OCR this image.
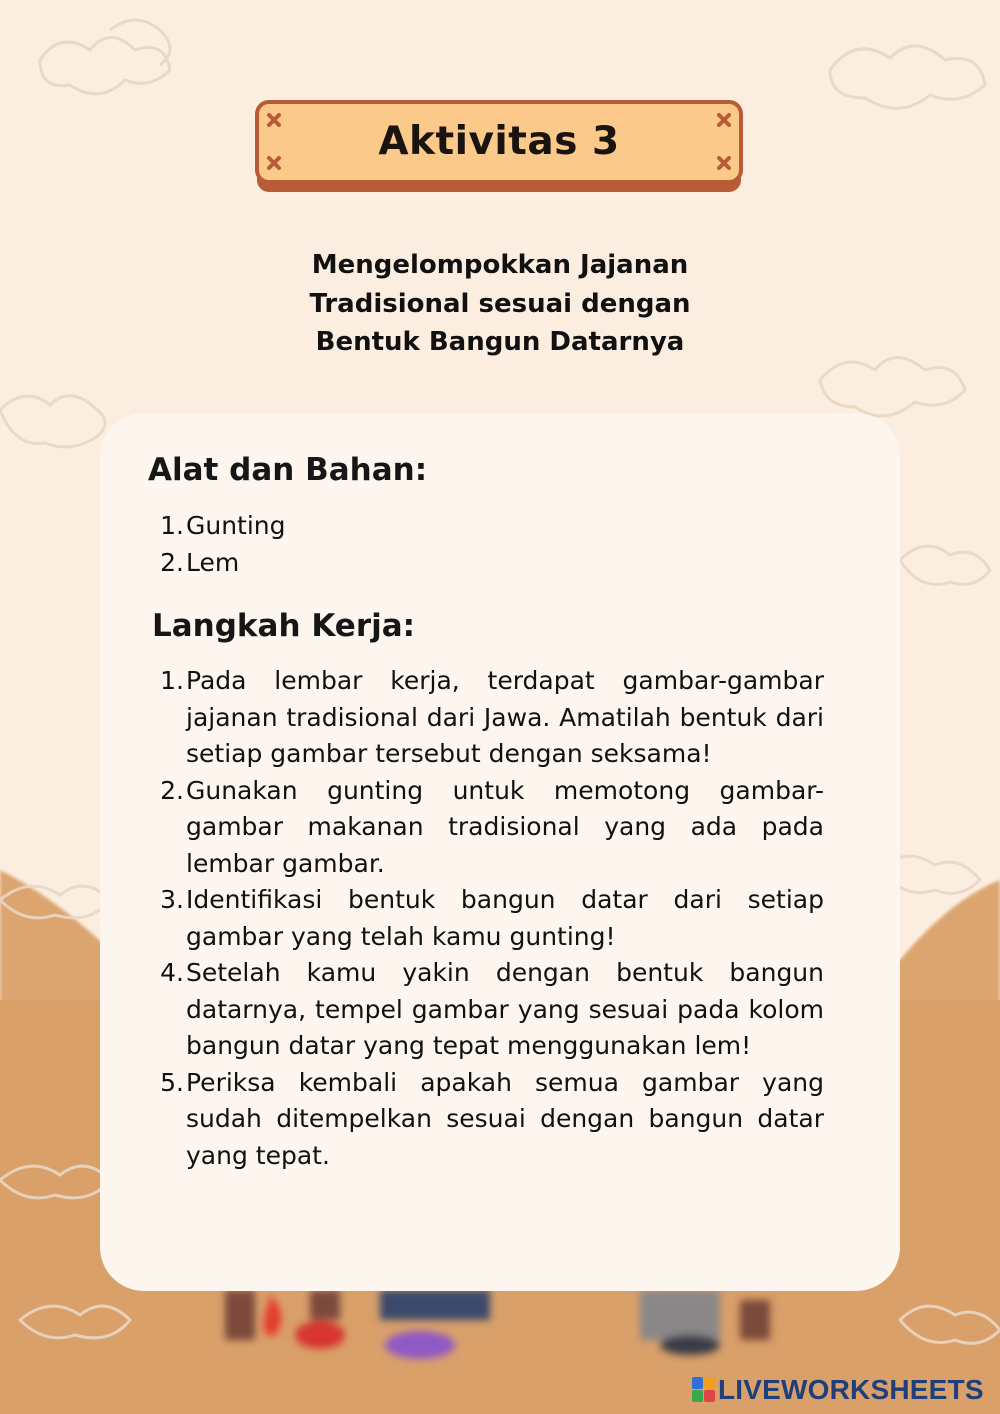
Aktivitas 3
Mengelompokkan Jajanan
Tradisional sesuai dengan
Bentuk Bangun Datarnya
Alat dan Bahan:
1. Gunting
2. Lem
Langkah Kerja:
1. Pada lembar kerja, terdapat gambar-gambar jajanan tradisional dari Jawa. Amatilah bentuk dari setiap gambar tersebut dengan seksama!
2. Gunakan gunting untuk memotong gambar-gambar makanan tradisional yang ada pada lembar gambar.
3. Identifikasi bentuk bangun datar dari setiap gambar yang telah kamu gunting!
4. Setelah kamu yakin dengan bentuk bangun datarnya, tempel gambar yang sesuai pada kolom bangun datar yang tepat menggunakan lem!
5. Periksa kembali apakah semua gambar yang sudah ditempelkan sesuai dengan bangun datar yang tepat.
LIVEWORKSHEETS
